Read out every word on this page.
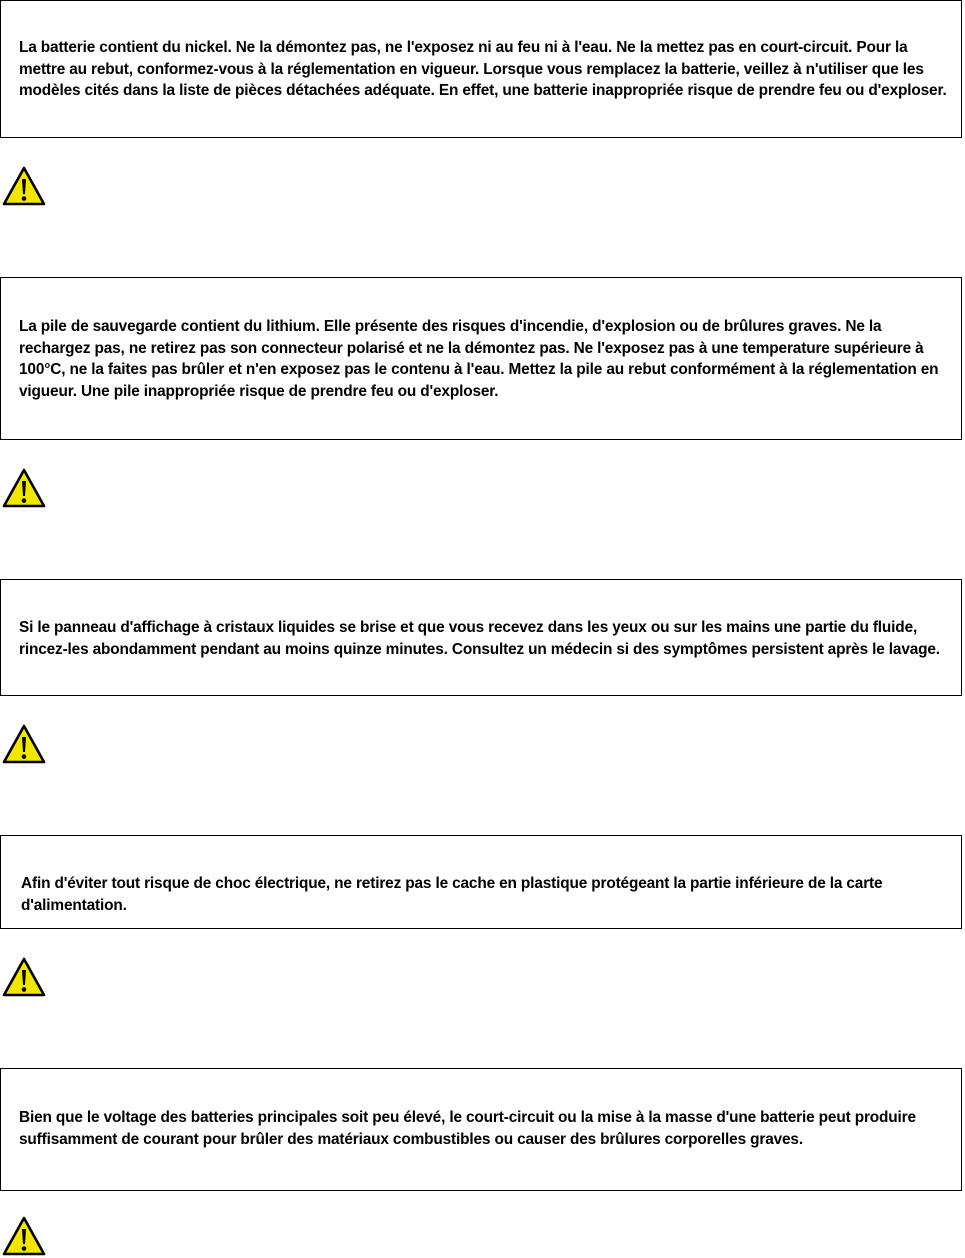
La batterie contient du nickel. Ne la démontez pas, ne l'exposez ni au feu ni à l'eau. Ne la mettez pas en court-circuit. Pour la mettre au rebut, conformez-vous à la réglementation en vigueur. Lorsque vous remplacez la batterie, veillez à n'utiliser que les modèles cités dans la liste de pièces détachées adéquate. En effet, une batterie inappropriée risque de prendre feu ou d'exploser.

La pile de sauvegarde contient du lithium. Elle présente des risques d'incendie, d'explosion ou de brûlures graves. Ne la rechargez pas, ne retirez pas son connecteur polarisé et ne la démontez pas. Ne l'exposez pas à une temperature supérieure à 100°C, ne la faites pas brûler et n'en exposez pas le contenu à l'eau. Mettez la pile au rebut conformément à la réglementation en vigueur. Une pile inappropriée risque de prendre feu ou d'exploser.

Si le panneau d'affichage à cristaux liquides se brise et que vous recevez dans les yeux ou sur les mains une partie du fluide, rincez-les abondamment pendant au moins quinze minutes. Consultez un médecin si des symptômes persistent après le lavage.

Afin d'éviter tout risque de choc électrique, ne retirez pas le cache en plastique protégeant la partie inférieure de la carte d'alimentation.

Bien que le voltage des batteries principales soit peu élevé, le court-circuit ou la mise à la masse d'une batterie peut produire suffisamment de courant pour brûler des matériaux combustibles ou causer des brûlures corporelles graves.
